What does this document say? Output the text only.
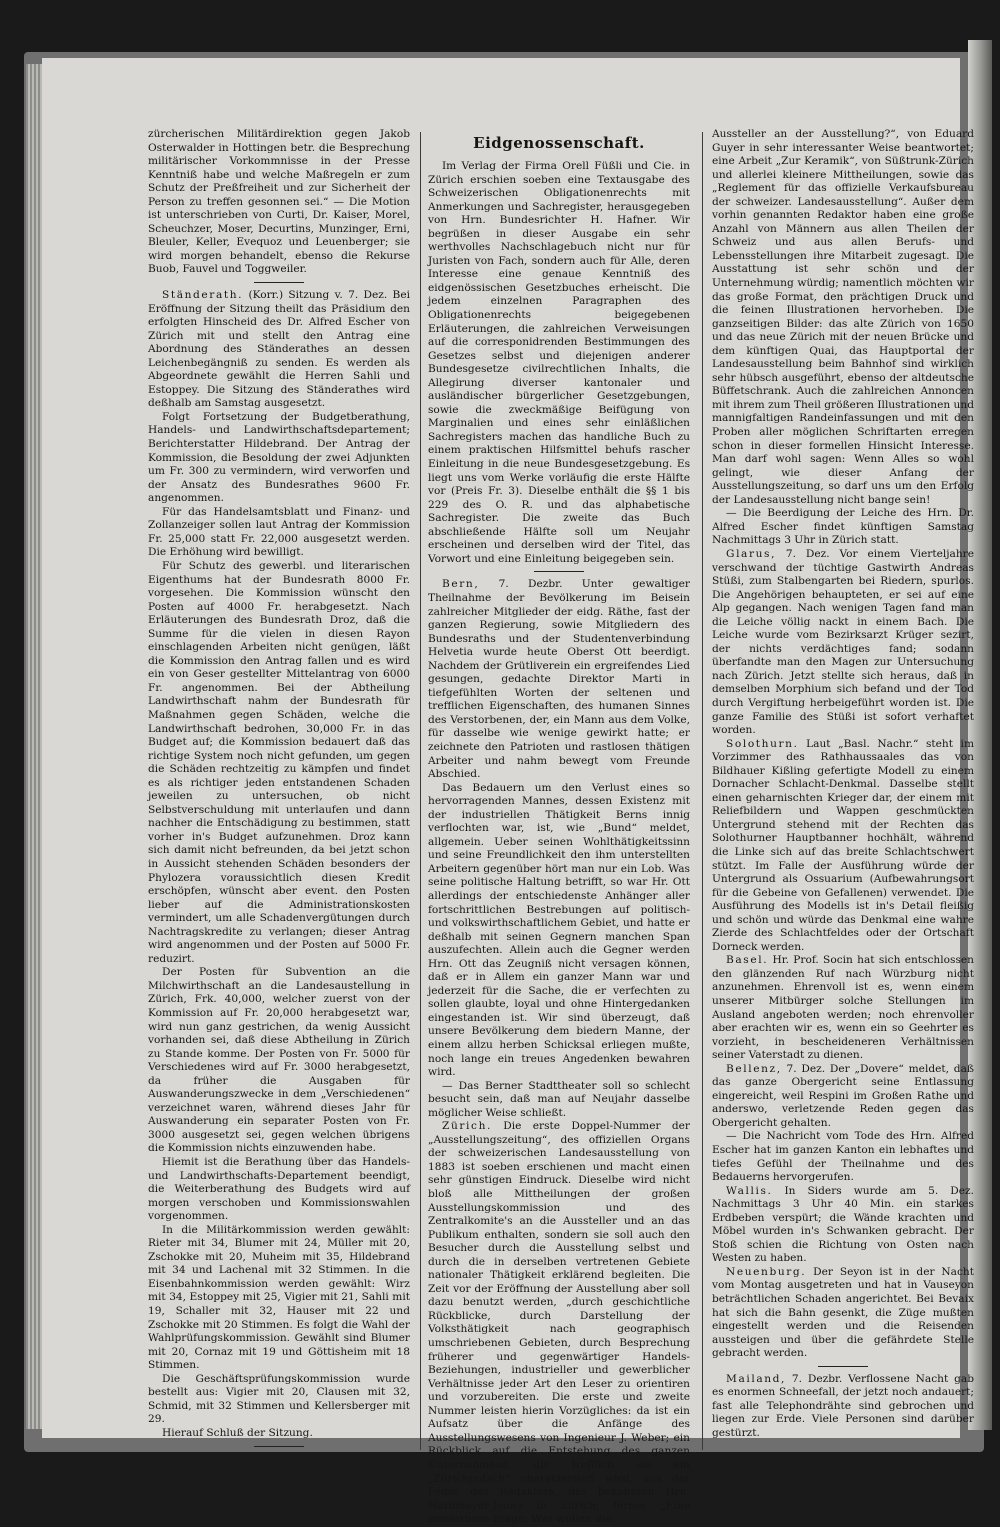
zürcherischen Militärdirektion gegen Jakob Osterwalder in Hottingen betr. die Besprechung militärischer Vorkommnisse in der Presse Kenntniß habe und welche Maßregeln er zum Schutz der Preßfreiheit und zur Sicherheit der Person zu treffen gesonnen sei.“ — Die Motion ist unterschrieben von Curti, Dr. Kaiser, Morel, Scheuchzer, Moser, Decurtins, Munzinger, Erni, Bleuler, Keller, Evequoz und Leuenberger; sie wird morgen behandelt, ebenso die Rekurse Buob, Fauvel und Toggweiler.

Ständerath. (Korr.) Sitzung v. 7. Dez. Bei Eröffnung der Sitzung theilt das Präsidium den erfolgten Hinscheid des Dr. Alfred Escher von Zürich mit und stellt den Antrag eine Abordnung des Ständerathes an dessen Leichenbegängniß zu senden. Es werden als Abgeordnete gewählt die Herren Sahli und Estoppey. Die Sitzung des Ständerathes wird deßhalb am Samstag ausgesetzt.

Folgt Fortsetzung der Budgetberathung, Handels- und Landwirthschaftsdepartement; Berichterstatter Hildebrand. Der Antrag der Kommission, die Besoldung der zwei Adjunkten um Fr. 300 zu vermindern, wird verworfen und der Ansatz des Bundesrathes 9600 Fr. angenommen.

Für das Handelsamtsblatt und Finanz- und Zollanzeiger sollen laut Antrag der Kommission Fr. 25,000 statt Fr. 22,000 ausgesetzt werden. Die Erhöhung wird bewilligt.

Für Schutz des gewerbl. und literarischen Eigenthums hat der Bundesrath 8000 Fr. vorgesehen. Die Kommission wünscht den Posten auf 4000 Fr. herabgesetzt. Nach Erläuterungen des Bundesrath Droz, daß die Summe für die vielen in diesen Rayon einschlagenden Arbeiten nicht genügen, läßt die Kommission den Antrag fallen und es wird ein von Geser gestellter Mittelantrag von 6000 Fr. angenommen. Bei der Abtheilung Landwirthschaft nahm der Bundesrath für Maßnahmen gegen Schäden, welche die Landwirthschaft bedrohen, 30,000 Fr. in das Budget auf; die Kommission bedauert daß das richtige System noch nicht gefunden, um gegen die Schäden rechtzeitig zu kämpfen und findet es als richtiger jeden entstandenen Schaden jeweilen zu untersuchen, ob nicht Selbstverschuldung mit unterlaufen und dann nachher die Entschädigung zu bestimmen, statt vorher in's Budget aufzunehmen. Droz kann sich damit nicht befreunden, da bei jetzt schon in Aussicht stehenden Schäden besonders der Phylozera voraussichtlich diesen Kredit erschöpfen, wünscht aber event. den Posten lieber auf die Administrationskosten vermindert, um alle Schadenvergütungen durch Nachtragskredite zu verlangen; dieser Antrag wird angenommen und der Posten auf 5000 Fr. reduzirt.

Der Posten für Subvention an die Milchwirthschaft an die Landesaustellung in Zürich, Frk. 40,000, welcher zuerst von der Kommission auf Fr. 20,000 herabgesetzt war, wird nun ganz gestrichen, da wenig Aussicht vorhanden sei, daß diese Abtheilung in Zürich zu Stande komme. Der Posten von Fr. 5000 für Verschiedenes wird auf Fr. 3000 herabgesetzt, da früher die Ausgaben für Auswanderungszwecke in dem „Verschiedenen“ verzeichnet waren, während dieses Jahr für Auswanderung ein separater Posten von Fr. 3000 ausgesetzt sei, gegen welchen übrigens die Kommission nichts einzuwenden habe.

Hiemit ist die Berathung über das Handels- und Landwirthschafts-Departement beendigt, die Weiterberathung des Budgets wird auf morgen verschoben und Kommissionswahlen vorgenommen.

In die Militärkommission werden gewählt: Rieter mit 34, Blumer mit 24, Müller mit 20, Zschokke mit 20, Muheim mit 35, Hildebrand mit 34 und Lachenal mit 32 Stimmen. In die Eisenbahnkommission werden gewählt: Wirz mit 34, Estoppey mit 25, Vigier mit 21, Sahli mit 19, Schaller mit 32, Hauser mit 22 und Zschokke mit 20 Stimmen. Es folgt die Wahl der Wahlprüfungskommission. Gewählt sind Blumer mit 20, Cornaz mit 19 und Göttisheim mit 18 Stimmen.

Die Geschäftsprüfungskommission wurde bestellt aus: Vigier mit 20, Clausen mit 32, Schmid, mit 32 Stimmen und Kellersberger mit 29.

Hierauf Schluß der Sitzung.

Eidgenossenschaft.

Im Verlag der Firma Orell Füßli und Cie. in Zürich erschien soeben eine Textausgabe des Schweizerischen Obligationenrechts mit Anmerkungen und Sachregister, herausgegeben von Hrn. Bundesrichter H. Hafner. Wir begrüßen in dieser Ausgabe ein sehr werthvolles Nachschlagebuch nicht nur für Juristen von Fach, sondern auch für Alle, deren Interesse eine genaue Kenntniß des eidgenössischen Gesetzbuches erheischt. Die jedem einzelnen Paragraphen des Obligationenrechts beigegebenen Erläuterungen, die zahlreichen Verweisungen auf die corresponidrenden Bestimmungen des Gesetzes selbst und diejenigen anderer Bundesgesetze civilrechtlichen Inhalts, die Allegirung diverser kantonaler und ausländischer bürgerlicher Gesetzgebungen, sowie die zweckmäßige Beifügung von Marginalien und eines sehr einläßlichen Sachregisters machen das handliche Buch zu einem praktischen Hilfsmittel behufs rascher Einleitung in die neue Bundesgesetzgebung. Es liegt uns vom Werke vorläufig die erste Hälfte vor (Preis Fr. 3). Dieselbe enthält die §§ 1 bis 229 des O. R. und das alphabetische Sachregister. Die zweite das Buch abschließende Hälfte soll um Neujahr erscheinen und derselben wird der Titel, das Vorwort und eine Einleitung beigegeben sein.

Bern, 7. Dezbr. Unter gewaltiger Theilnahme der Bevölkerung im Beisein zahlreicher Mitglieder der eidg. Räthe, fast der ganzen Regierung, sowie Mitgliedern des Bundesraths und der Studentenverbindung Helvetia wurde heute Oberst Ott beerdigt. Nachdem der Grütliverein ein ergreifendes Lied gesungen, gedachte Direktor Marti in tiefgefühlten Worten der seltenen und trefflichen Eigenschaften, des humanen Sinnes des Verstorbenen, der, ein Mann aus dem Volke, für dasselbe wie wenige gewirkt hatte; er zeichnete den Patrioten und rastlosen thätigen Arbeiter und nahm bewegt vom Freunde Abschied.

Das Bedauern um den Verlust eines so hervorragenden Mannes, dessen Existenz mit der industriellen Thätigkeit Berns innig verflochten war, ist, wie „Bund“ meldet, allgemein. Ueber seinen Wohlthätigkeitssinn und seine Freundlichkeit den ihm unterstellten Arbeitern gegenüber hört man nur ein Lob. Was seine politische Haltung betrifft, so war Hr. Ott allerdings der entschiedenste Anhänger aller fortschrittlichen Bestrebungen auf politisch- und volkswirthschaftlichem Gebiet, und hatte er deßhalb mit seinen Gegnern manchen Span auszufechten. Allein auch die Gegner werden Hrn. Ott das Zeugniß nicht versagen können, daß er in Allem ein ganzer Mann war und jederzeit für die Sache, die er verfechten zu sollen glaubte, loyal und ohne Hintergedanken eingestanden ist. Wir sind überzeugt, daß unsere Bevölkerung dem biedern Manne, der einem allzu herben Schicksal erliegen mußte, noch lange ein treues Angedenken bewahren wird.

— Das Berner Stadttheater soll so schlecht besucht sein, daß man auf Neujahr dasselbe möglicher Weise schließt.

Zürich. Die erste Doppel-Nummer der „Ausstellungszeitung“, des offiziellen Organs der schweizerischen Landesausstellung von 1883 ist soeben erschienen und macht einen sehr günstigen Eindruck. Dieselbe wird nicht bloß alle Mittheilungen der großen Ausstellungskommission und des Zentralkomite's an die Aussteller und an das Publikum enthalten, sondern sie soll auch den Besucher durch die Ausstellung selbst und durch die in derselben vertretenen Gebiete nationaler Thätigkeit erklärend begleiten. Die Zeit vor der Eröffnung der Ausstellung aber soll dazu benutzt werden, „durch geschichtliche Rückblicke, durch Darstellung der Volksthätigkeit nach geographisch umschriebenen Gebieten, durch Besprechung früherer und gegenwärtiger Handels-Beziehungen, industrieller und gewerblicher Verhältnisse jeder Art den Leser zu orientiren und vorzubereiten. Die erste und zweite Nummer leisten hierin Vorzügliches: da ist ein Aufsatz über die Anfänge des Ausstellungswesens von Ingenieur J. Weber; ein Rückblick auf die Entstehung des ganzen Unternehmens, die trefflich als ein „Zürichputsch“ charakterisirt wird, aus der Feder des Redaktors, des bekannten Hrn. Hardmeyer-Jenny in Zürich; ferner „Eine sonderbare Frage: Was wollen die

Aussteller an der Ausstellung?“, von Eduard Guyer in sehr interessanter Weise beantwortet; eine Arbeit „Zur Keramik“, von Süßtrunk-Zürich und allerlei kleinere Mittheilungen, sowie das „Reglement für das offizielle Verkaufsbureau der schweizer. Landesausstellung“. Außer dem vorhin genannten Redaktor haben eine große Anzahl von Männern aus allen Theilen der Schweiz und aus allen Berufs- und Lebensstellungen ihre Mitarbeit zugesagt. Die Ausstattung ist sehr schön und der Unternehmung würdig; namentlich möchten wir das große Format, den prächtigen Druck und die feinen Illustrationen hervorheben. Die ganzseitigen Bilder: das alte Zürich von 1650 und das neue Zürich mit der neuen Brücke und dem künftigen Quai, das Hauptportal der Landesausstellung beim Bahnhof sind wirklich sehr hübsch ausgeführt, ebenso der altdeutsche Büffetschrank. Auch die zahlreichen Annoncen mit ihrem zum Theil größeren Illustrationen und mannigfaltigen Randeinfassungen und mit den Proben aller möglichen Schriftarten erregen schon in dieser formellen Hinsicht Interesse. Man darf wohl sagen: Wenn Alles so wohl gelingt, wie dieser Anfang der Ausstellungszeitung, so darf uns um den Erfolg der Landesausstellung nicht bange sein!

— Die Beerdigung der Leiche des Hrn. Dr. Alfred Escher findet künftigen Samstag Nachmittags 3 Uhr in Zürich statt.

Glarus, 7. Dez. Vor einem Vierteljahre verschwand der tüchtige Gastwirth Andreas Stüßi, zum Stalbengarten bei Riedern, spurlos. Die Angehörigen behaupteten, er sei auf eine Alp gegangen. Nach wenigen Tagen fand man die Leiche völlig nackt in einem Bach. Die Leiche wurde vom Bezirksarzt Krüger sezirt, der nichts verdächtiges fand; sodann überfandte man den Magen zur Untersuchung nach Zürich. Jetzt stellte sich heraus, daß in demselben Morphium sich befand und der Tod durch Vergiftung herbeigeführt worden ist. Die ganze Familie des Stüßi ist sofort verhaftet worden.

Solothurn. Laut „Basl. Nachr.“ steht im Vorzimmer des Rathhaussaales das von Bildhauer Kißling gefertigte Modell zu einem Dornacher Schlacht-Denkmal. Dasselbe stellt einen geharnischten Krieger dar, der einem mit Reliefbildern und Wappen geschmückten Untergrund stehend mit der Rechten das Solothurner Hauptbanner hochhält, während die Linke sich auf das breite Schlachtschwert stützt. Im Falle der Ausführung würde der Untergrund als Ossuarium (Aufbewahrungsort für die Gebeine von Gefallenen) verwendet. Die Ausführung des Modells ist in's Detail fleißig und schön und würde das Denkmal eine wahre Zierde des Schlachtfeldes oder der Ortschaft Dorneck werden.

Basel. Hr. Prof. Socin hat sich entschlossen den glänzenden Ruf nach Würzburg nicht anzunehmen. Ehrenvoll ist es, wenn einem unserer Mitbürger solche Stellungen im Ausland angeboten werden; noch ehrenvoller aber erachten wir es, wenn ein so Geehrter es vorzieht, in bescheideneren Verhältnissen seiner Vaterstadt zu dienen.

Bellenz, 7. Dez. Der „Dovere“ meldet, daß das ganze Obergericht seine Entlassung eingereicht, weil Respini im Großen Rathe und anderswo, verletzende Reden gegen das Obergericht gehalten.

— Die Nachricht vom Tode des Hrn. Alfred Escher hat im ganzen Kanton ein lebhaftes und tiefes Gefühl der Theilnahme und des Bedauerns hervorgerufen.

Wallis. In Siders wurde am 5. Dez. Nachmittags 3 Uhr 40 Min. ein starkes Erdbeben verspürt; die Wände krachten und Möbel wurden in's Schwanken gebracht. Der Stoß schien die Richtung von Osten nach Westen zu haben.

Neuenburg. Der Seyon ist in der Nacht vom Montag ausgetreten und hat in Vauseyon beträchtlichen Schaden angerichtet. Bei Bevaix hat sich die Bahn gesenkt, die Züge mußten eingestellt werden und die Reisenden aussteigen und über die gefährdete Stelle gebracht werden.

Mailand, 7. Dezbr. Verflossene Nacht gab es enormen Schneefall, der jetzt noch andauert; fast alle Telephondrähte sind gebrochen und liegen zur Erde. Viele Personen sind darüber gestürzt.
